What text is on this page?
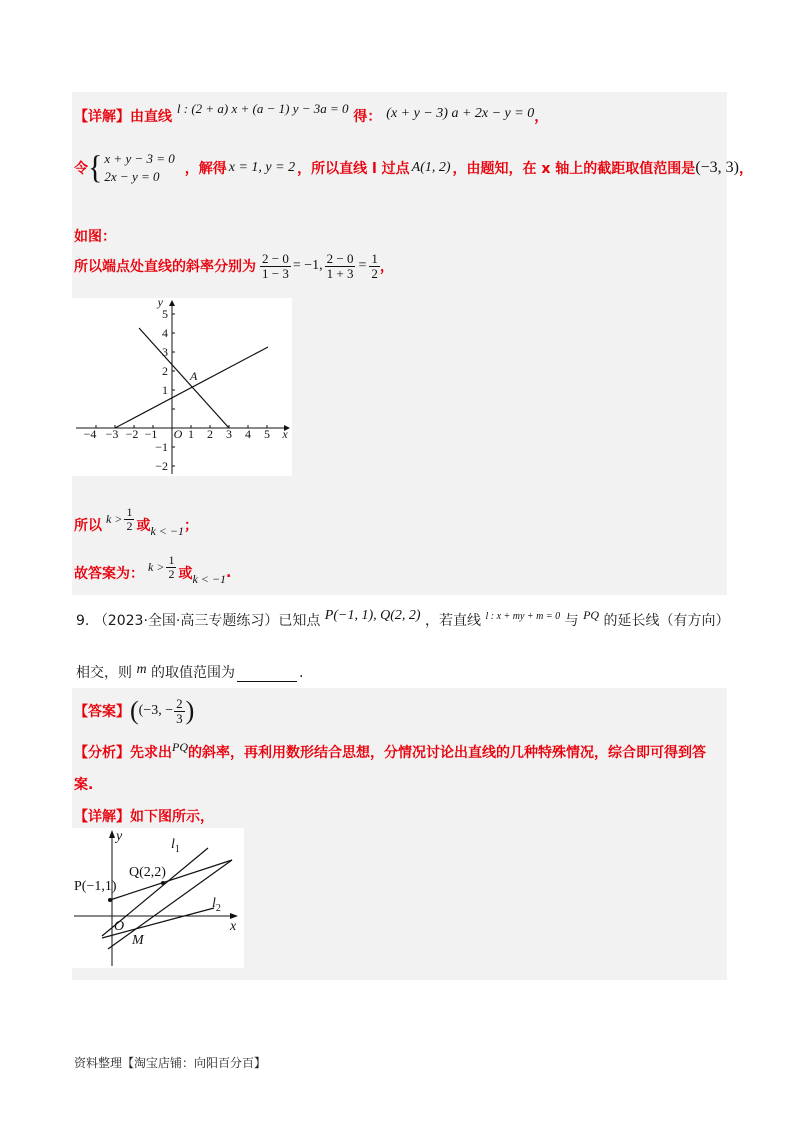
【详解】由直线 l : (2 + a) x + (a − 1) y − 3a = 0 得： (x + y − 3) a + 2x − y = 0，
令 { x + y − 3 = 0
2x − y = 0	，解得 x = 1, y = 2 ，所以直线 l 过点 A(1, 2) ，由题知，在 x 轴上的截距取值范围是 (−3, 3) ，
如图：
所以端点处直线的斜率分别为 $\frac{2 - 0}{1 - 3} = -1$, $\frac{2 - 0}{1 + 3} = \frac{1}{2}$ ，
−4 −3 −2 −1 O 1 2 3 4 5 x
5
4
3
2
1
−1
−2
y
A
所以 $k > \frac{1}{2}$ 或 k < −1 ；
故答案为： $k > \frac{1}{2}$ 或 k < −1 .
9. （2023·全国·高三专题练习）已知点 P(−1, 1), Q(2, 2) ，若直线 $^{l : x + my + m = 0}$ 与 PQ 的延长线（有方向）
相交，则 m 的取值范围为	.
【答案】 ( (−3, − $\frac{2}{3}$ )
【分析】先求出PQ的斜率，再利用数形结合思想，分情况讨论出直线的几种特殊情况，综合即可得到答
案.
【详解】如下图所示，
y
x
O
M
P(−1,1)
Q(2,2)
$l_1$
$l_2$
资料整理【淘宝店铺：向阳百分百】
